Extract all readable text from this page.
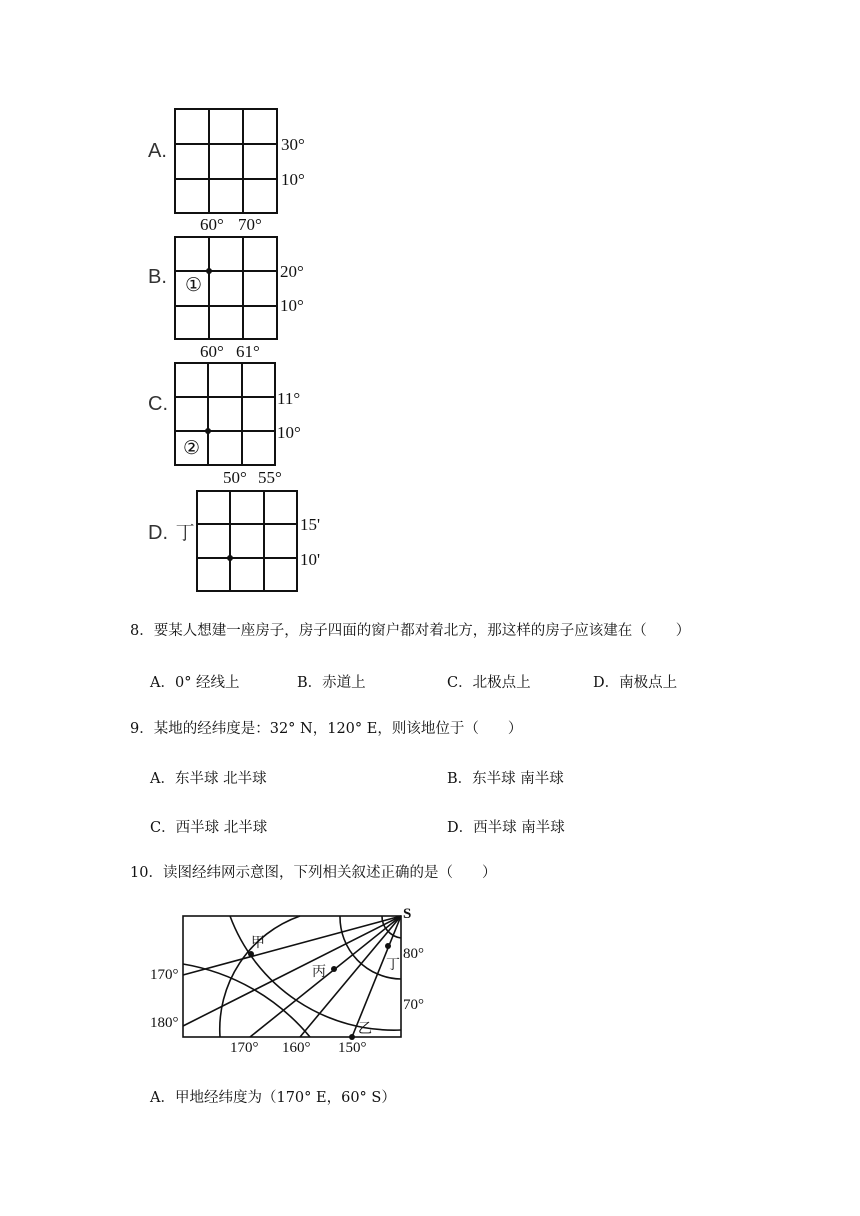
A.	30°
10°
60° 70°
B. ①
20°
10°
60° 61°
C.
②
11°
10°
50° 55°
D. 丁	15'
10'
8．要某人想建一座房子，房子四面的窗户都对着北方，那这样的房子应该建在（　　）
A．0° 经线上	B．赤道上	C．北极点上	D．南极点上
9．某地的经纬度是：32° N，120° E，则该地位于（　　）
A．东半球 北半球	B．东半球 南半球
C．西半球 北半球	D．西半球 南半球
10．读图经纬网示意图，下列相关叙述正确的是（　　）
S
甲
丙	丁
乙
80°
70°
170°
180°
170° 160° 150°
A．甲地经纬度为（170° E，60° S）
